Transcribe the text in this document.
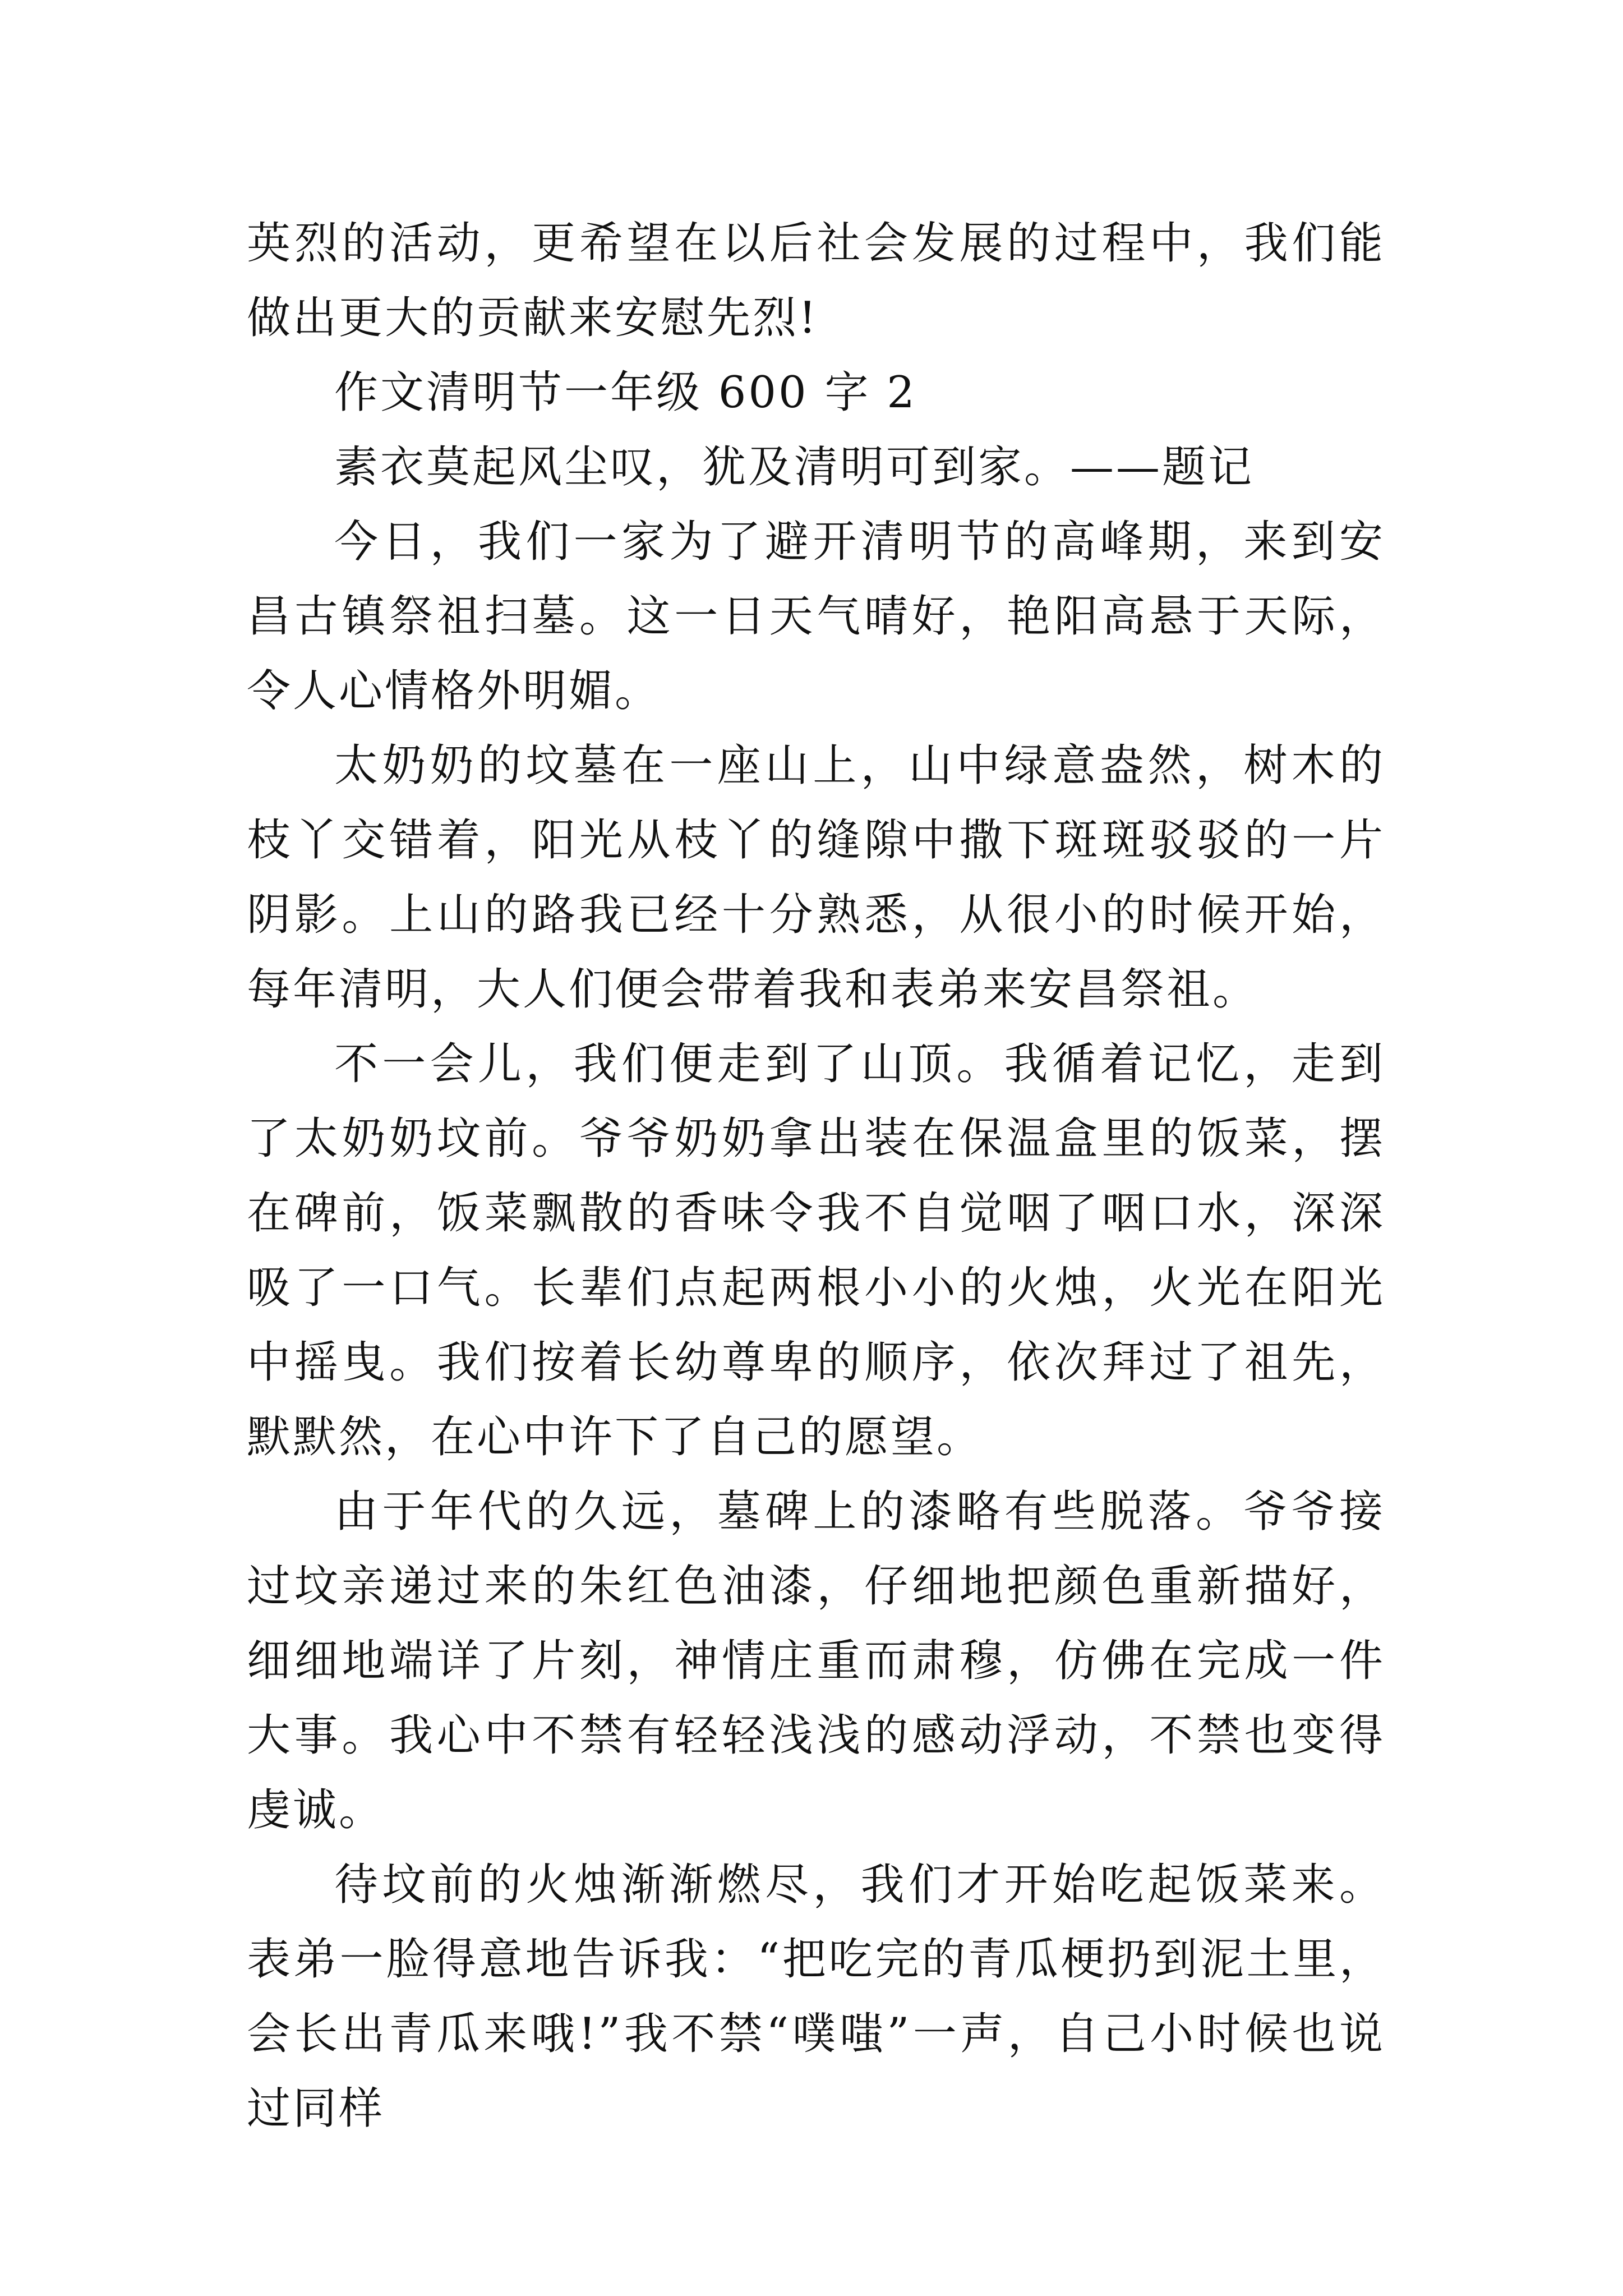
英烈的活动，更希望在以后社会发展的过程中，我们能做出更大的贡献来安慰先烈!

作文清明节一年级 600 字 2

素衣莫起风尘叹，犹及清明可到家。——题记

今日，我们一家为了避开清明节的高峰期，来到安昌古镇祭祖扫墓。这一日天气晴好，艳阳高悬于天际，令人心情格外明媚。

太奶奶的坟墓在一座山上，山中绿意盎然，树木的枝丫交错着，阳光从枝丫的缝隙中撒下斑斑驳驳的一片阴影。上山的路我已经十分熟悉，从很小的时候开始，每年清明，大人们便会带着我和表弟来安昌祭祖。

不一会儿，我们便走到了山顶。我循着记忆，走到了太奶奶坟前。爷爷奶奶拿出装在保温盒里的饭菜，摆在碑前，饭菜飘散的香味令我不自觉咽了咽口水，深深吸了一口气。长辈们点起两根小小的火烛，火光在阳光中摇曳。我们按着长幼尊卑的顺序，依次拜过了祖先，默默然，在心中许下了自己的愿望。

由于年代的久远，墓碑上的漆略有些脱落。爷爷接过坟亲递过来的朱红色油漆，仔细地把颜色重新描好，细细地端详了片刻，神情庄重而肃穆，仿佛在完成一件大事。我心中不禁有轻轻浅浅的感动浮动，不禁也变得虔诚。

待坟前的火烛渐渐燃尽，我们才开始吃起饭菜来。表弟一脸得意地告诉我：“把吃完的青瓜梗扔到泥土里，会长出青瓜来哦!”我不禁“噗嗤”一声，自己小时候也说过同样
